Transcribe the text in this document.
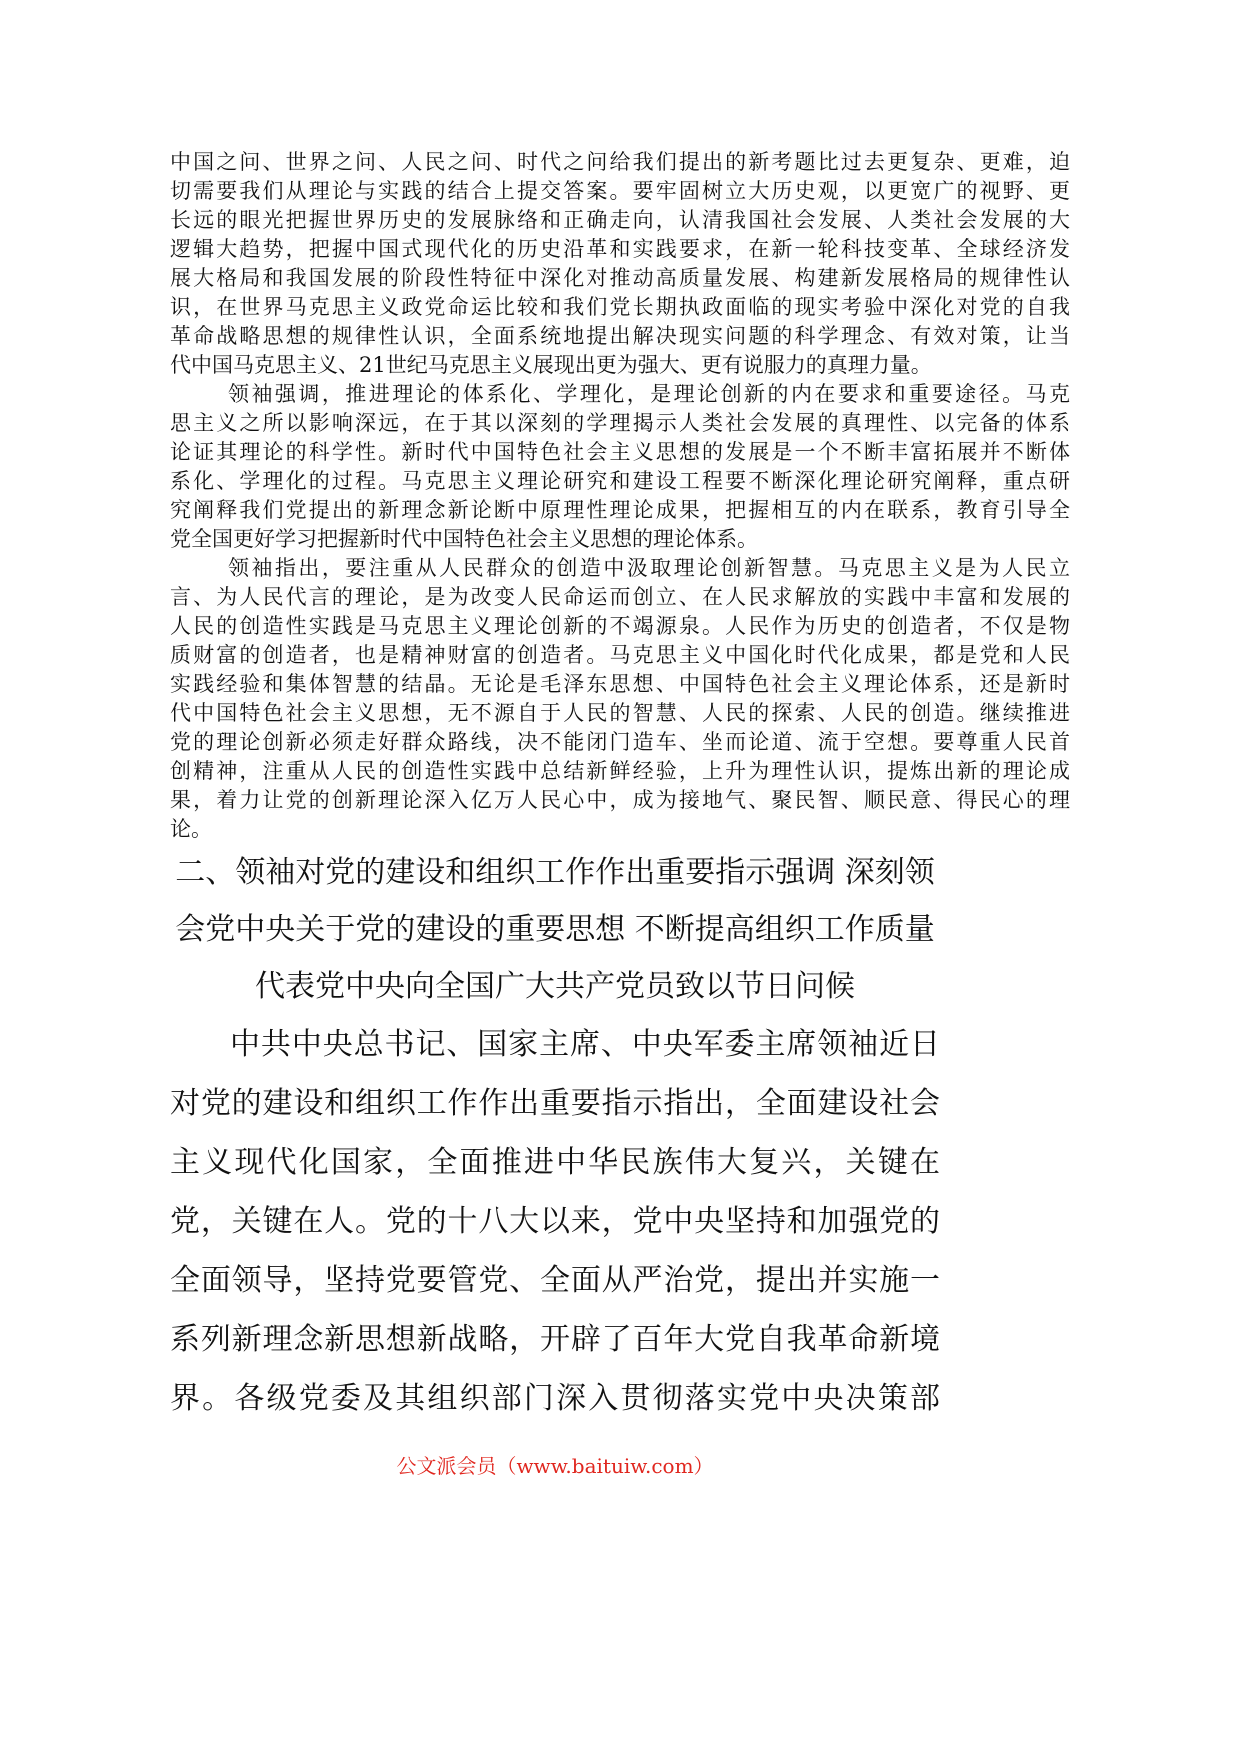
中国之问、世界之问、人民之问、时代之问给我们提出的新考题比过去更复杂、更难，迫
切需要我们从理论与实践的结合上提交答案。要牢固树立大历史观，以更宽广的视野、更
长远的眼光把握世界历史的发展脉络和正确走向，认清我国社会发展、人类社会发展的大
逻辑大趋势，把握中国式现代化的历史沿革和实践要求，在新一轮科技变革、全球经济发
展大格局和我国发展的阶段性特征中深化对推动高质量发展、构建新发展格局的规律性认
识，在世界马克思主义政党命运比较和我们党长期执政面临的现实考验中深化对党的自我
革命战略思想的规律性认识，全面系统地提出解决现实问题的科学理念、有效对策，让当
代中国马克思主义、21世纪马克思主义展现出更为强大、更有说服力的真理力量。
领袖强调，推进理论的体系化、学理化，是理论创新的内在要求和重要途径。马克
思主义之所以影响深远，在于其以深刻的学理揭示人类社会发展的真理性、以完备的体系
论证其理论的科学性。新时代中国特色社会主义思想的发展是一个不断丰富拓展并不断体
系化、学理化的过程。马克思主义理论研究和建设工程要不断深化理论研究阐释，重点研
究阐释我们党提出的新理念新论断中原理性理论成果，把握相互的内在联系，教育引导全
党全国更好学习把握新时代中国特色社会主义思想的理论体系。
领袖指出，要注重从人民群众的创造中汲取理论创新智慧。马克思主义是为人民立
言、为人民代言的理论，是为改变人民命运而创立、在人民求解放的实践中丰富和发展的
人民的创造性实践是马克思主义理论创新的不竭源泉。人民作为历史的创造者，不仅是物
质财富的创造者，也是精神财富的创造者。马克思主义中国化时代化成果，都是党和人民
实践经验和集体智慧的结晶。无论是毛泽东思想、中国特色社会主义理论体系，还是新时
代中国特色社会主义思想，无不源自于人民的智慧、人民的探索、人民的创造。继续推进
党的理论创新必须走好群众路线，决不能闭门造车、坐而论道、流于空想。要尊重人民首
创精神，注重从人民的创造性实践中总结新鲜经验，上升为理性认识，提炼出新的理论成
果，着力让党的创新理论深入亿万人民心中，成为接地气、聚民智、顺民意、得民心的理
论。
二、领袖对党的建设和组织工作作出重要指示强调 深刻领
会党中央关于党的建设的重要思想 不断提高组织工作质量
代表党中央向全国广大共产党员致以节日问候
中共中央总书记、国家主席、中央军委主席领袖近日
对党的建设和组织工作作出重要指示指出，全面建设社会
主义现代化国家，全面推进中华民族伟大复兴，关键在
党，关键在人。党的十八大以来，党中央坚持和加强党的
全面领导，坚持党要管党、全面从严治党，提出并实施一
系列新理念新思想新战略，开辟了百年大党自我革命新境
界。各级党委及其组织部门深入贯彻落实党中央决策部
公文派会员（www.baituiw.com）
